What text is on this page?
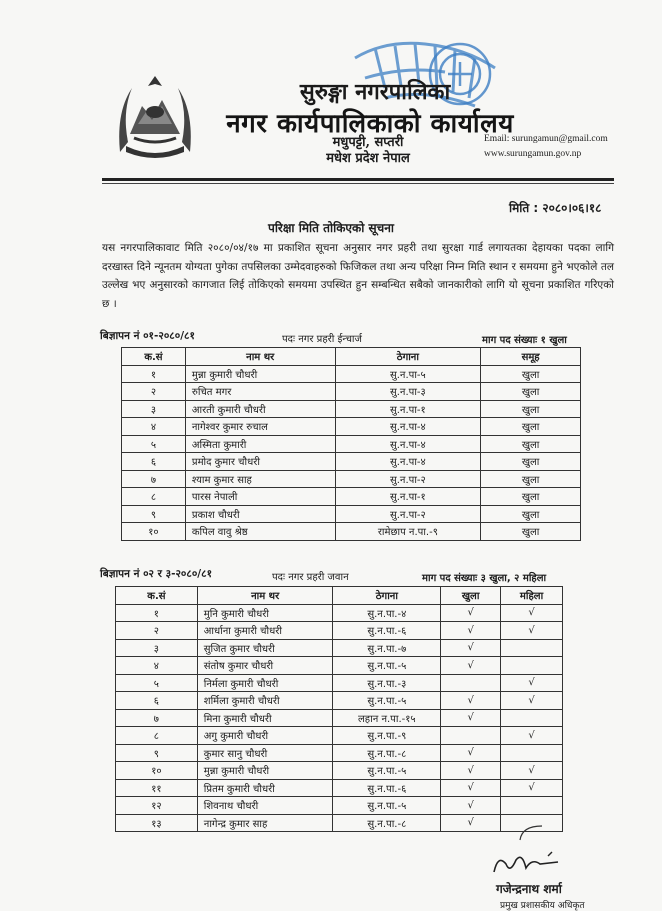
सुरुङ्गा नगरपालिका
नगर कार्यपालिकाको कार्यालय
मधुपट्टी, सप्तरी
मधेश प्रदेश नेपाल
Email: surungamun@gmail.com
www.surungamun.gov.np
मिति : २०८०।०६।१८
परिक्षा मिति तोकिएको सूचना
यस नगरपालिकावाट मिति २०८०/०४/१७ मा प्रकाशित सूचना अनुसार नगर प्रहरी तथा सुरक्षा गार्ड लगायतका देहायका पदका लागि दरखास्त दिने न्यूनतम योग्यता पुगेका तपसिलका उम्मेदवाहरुको फिजिकल तथा अन्य परिक्षा निम्न मिति स्थान र समयमा हुने भएकोले तल उल्लेख भए अनुसारको कागजात लिई तोकिएको समयमा उपस्थित हुन सम्बन्धित सबैको जानकारीको लागि यो सूचना प्रकाशित गरिएको छ ।
बिज्ञापन नं ०१-२०८०/८१	पदः नगर प्रहरी ईन्चार्ज	माग पद संख्याः १ खुला
क.सं	नाम थर	ठेगाना	समूह
१	मुन्ना कुमारी चौधरी	सु.न.पा-५	खुला
२	रुचित मगर	सु.न.पा-३	खुला
३	आरती कुमारी चौधरी	सु.न.पा-१	खुला
४	नागेश्वर कुमार रुचाल	सु.न.पा-४	खुला
५	अस्मिता कुमारी	सु.न.पा-४	खुला
६	प्रमोद कुमार चौधरी	सु.न.पा-४	खुला
७	श्याम कुमार साह	सु.न.पा-२	खुला
८	पारस नेपाली	सु.न.पा-१	खुला
९	प्रकाश चौधरी	सु.न.पा-२	खुला
१०	कपिल वावु श्रेष्ठ	रामेछाप न.पा.-९	खुला
बिज्ञापन नं ०२ र ३-२०८०/८१	पदः नगर प्रहरी जवान	माग पद संख्याः ३ खुला, २ महिला
क.सं	नाम थर	ठेगाना	खुला	महिला
१	मुनि कुमारी चौधरी	सु.न.पा.-४	√	√
२	आर्धाना कुमारी चौधरी	सु.न.पा.-६	√	√
३	सुजित कुमार चौधरी	सु.न.पा.-७	√	
४	संतोष कुमार चौधरी	सु.न.पा.-५	√	
५	निर्मला कुमारी चौधरी	सु.न.पा.-३		√
६	शर्मिला कुमारी चौधरी	सु.न.पा.-५	√	√
७	मिना कुमारी चौधरी	लहान न.पा.-१५	√	
८	अगु कुमारी चौधरी	सु.न.पा.-९		√
९	कुमार सानु चौधरी	सु.न.पा.-८	√	
१०	मुन्ना कुमारी चौधरी	सु.न.पा.-५	√	√
११	प्रितम कुमारी चौधरी	सु.न.पा.-६	√	√
१२	शिवनाथ चौधरी	सु.न.पा.-५	√	
१३	नागेन्द्र कुमार साह	सु.न.पा.-८	√	
गजेन्द्रनाथ शर्मा
प्रमुख प्रशासकीय अधिकृत
